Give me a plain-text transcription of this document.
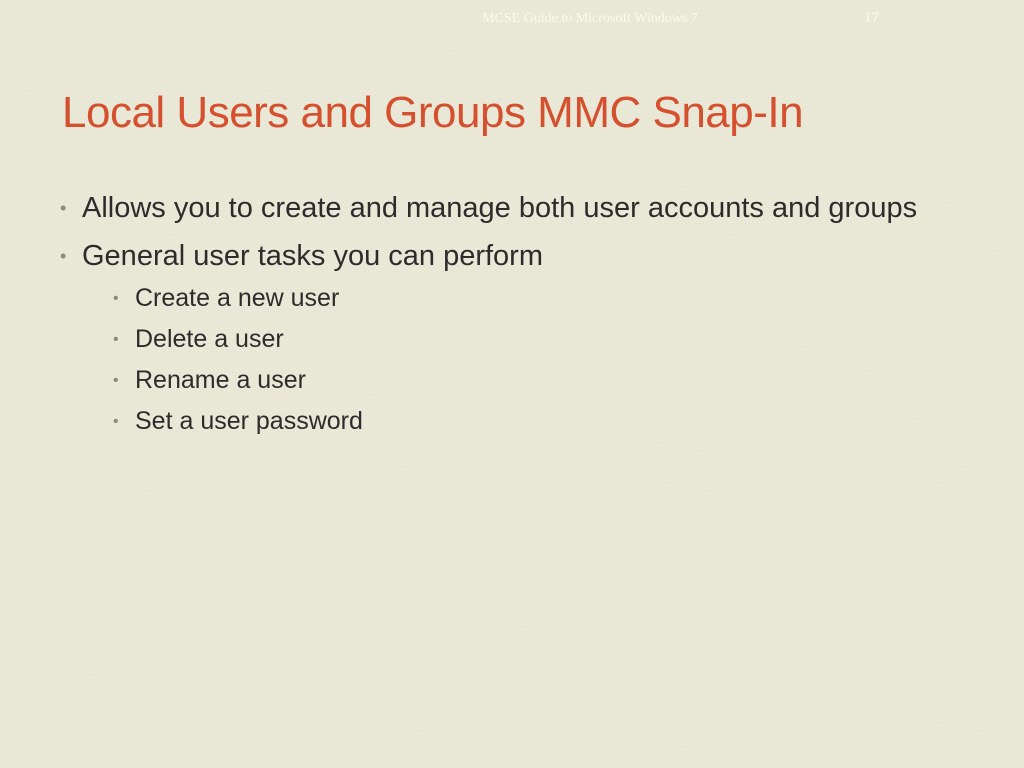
MCSE Guide to Microsoft Windows 7	17
Local Users and Groups MMC Snap-In
• Allows you to create and manage both user accounts and groups
• General user tasks you can perform
• Create a new user
• Delete a user
• Rename a user
• Set a user password
